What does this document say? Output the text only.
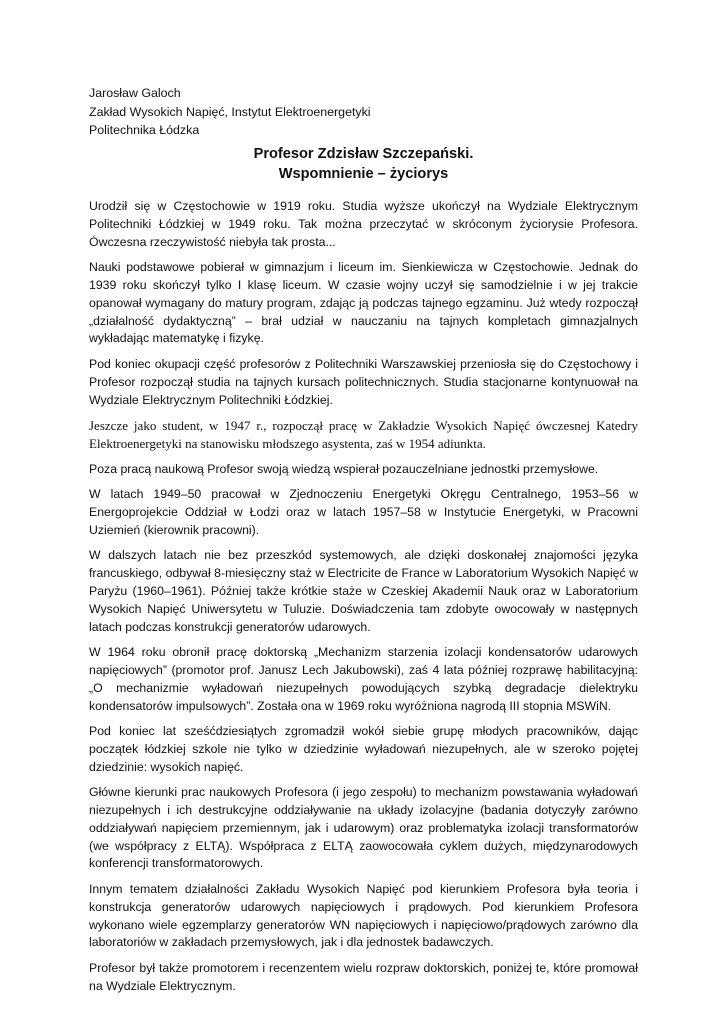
Jarosław Galoch
Zakład Wysokich Napięć, Instytut Elektroenergetyki
Politechnika Łódzka
Profesor Zdzisław Szczepański.
Wspomnienie – życiorys

Urodził się w Częstochowie w 1919 roku. Studia wyższe ukończył na Wydziale Elektrycznym Politechniki Łódzkiej w 1949 roku. Tak można przeczytać w skróconym życiorysie Profesora. Ówczesna rzeczywistość niebyła tak prosta...

Nauki podstawowe pobierał w gimnazjum i liceum im. Sienkiewicza w Częstochowie. Jednak do 1939 roku skończył tylko I klasę liceum. W czasie wojny uczył się samodzielnie i w jej trakcie opanował wymagany do matury program, zdając ją podczas tajnego egzaminu. Już wtedy rozpoczął „działalność dydaktyczną” – brał udział w nauczaniu na tajnych kompletach gimnazjalnych wykładając matematykę i fizykę.

Pod koniec okupacji część profesorów z Politechniki Warszawskiej przeniosła się do Częstochowy i Profesor rozpoczął studia na tajnych kursach politechnicznych. Studia stacjonarne kontynuował na Wydziale Elektrycznym Politechniki Łódzkiej.

Jeszcze jako student, w 1947 r., rozpoczął pracę w Zakładzie Wysokich Napięć ówczesnej Katedry Elektroenergetyki na stanowisku młodszego asystenta, zaś w 1954 adiunkta.

Poza pracą naukową Profesor swoją wiedzą wspierał pozauczelniane jednostki przemysłowe.

W latach 1949–50 pracował w Zjednoczeniu Energetyki Okręgu Centralnego, 1953–56 w Energoprojekcie Oddział w Łodzi oraz w latach 1957–58 w Instytucie Energetyki, w Pracowni Uziemień (kierownik pracowni).

W dalszych latach nie bez przeszkód systemowych, ale dzięki doskonałej znajomości języka francuskiego, odbywał 8-miesięczny staż w Electricite de France w Laboratorium Wysokich Napięć w Paryżu (1960–1961). Później także krótkie staże w Czeskiej Akademii Nauk oraz w Laboratorium Wysokich Napięć Uniwersytetu w Tuluzie. Doświadczenia tam zdobyte owocowały w następnych latach podczas konstrukcji generatorów udarowych.

W 1964 roku obronił pracę doktorską „Mechanizm starzenia izolacji kondensatorów udarowych napięciowych” (promotor prof. Janusz Lech Jakubowski), zaś 4 lata później rozprawę habilitacyjną: „O mechanizmie wyładowań niezupełnych powodujących szybką degradacje dielektryku kondensatorów impulsowych”. Została ona w 1969 roku wyróżniona nagrodą III stopnia MSWiN.

Pod koniec lat sześćdziesiątych zgromadził wokół siebie grupę młodych pracowników, dając początek łódzkiej szkole nie tylko w dziedzinie wyładowań niezupełnych, ale w szeroko pojętej dziedzinie: wysokich napięć.

Główne kierunki prac naukowych Profesora (i jego zespołu) to mechanizm powstawania wyładowań niezupełnych i ich destrukcyjne oddziaływanie na układy izolacyjne (badania dotyczyły zarówno oddziaływań napięciem przemiennym, jak i udarowym) oraz problematyka izolacji transformatorów (we współpracy z ELTĄ). Współpraca z ELTĄ zaowocowała cyklem dużych, międzynarodowych konferencji transformatorowych.

Innym tematem działalności Zakładu Wysokich Napięć pod kierunkiem Profesora była teoria i konstrukcja generatorów udarowych napięciowych i prądowych. Pod kierunkiem Profesora wykonano wiele egzemplarzy generatorów WN napięciowych i napięciowo/prądowych zarówno dla laboratoriów w zakładach przemysłowych, jak i dla jednostek badawczych.

Profesor był także promotorem i recenzentem wielu rozpraw doktorskich, poniżej te, które promował na Wydziale Elektrycznym.
